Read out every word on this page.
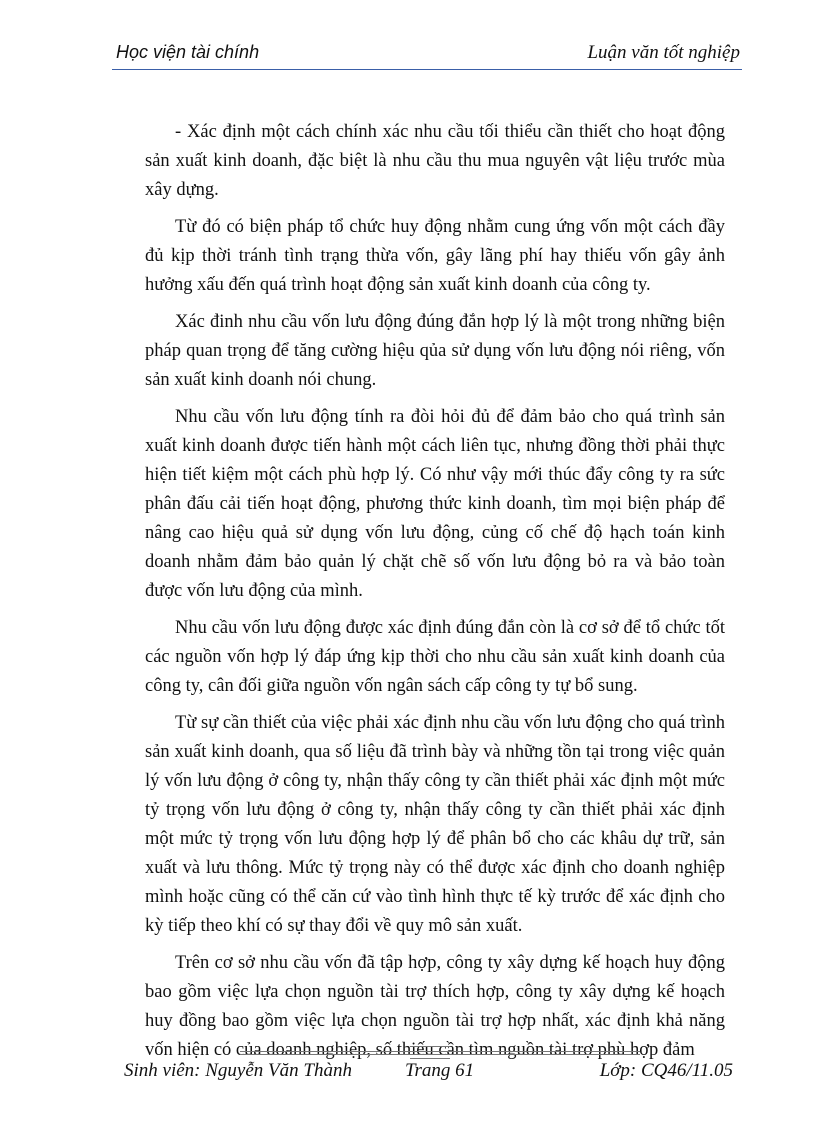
Học viện tài chính	Luận văn tốt nghiệp

- Xác định một cách chính xác nhu cầu tối thiểu cần thiết cho hoạt động sản xuất kinh doanh, đặc biệt là nhu cầu thu mua nguyên vật liệu trước mùa xây dựng.

Từ đó có biện pháp tổ chức huy động nhằm cung ứng vốn một cách đầy đủ kịp thời tránh tình trạng thừa vốn, gây lãng phí hay thiếu vốn gây ảnh hưởng xấu đến quá trình hoạt động sản xuất kinh doanh của công ty.

Xác đinh nhu cầu vốn lưu động đúng đắn hợp lý là một trong những biện pháp quan trọng để tăng cường hiệu qủa sử dụng vốn lưu động nói riêng, vốn sản xuất kinh doanh nói chung.

Nhu cầu vốn lưu động tính ra đòi hỏi đủ để đảm bảo cho quá trình sản xuất kinh doanh được tiến hành một cách liên tục, nhưng đồng thời phải thực hiện tiết kiệm một cách phù hợp lý. Có như vậy mới thúc đẩy công ty ra sức phân đấu cải tiến hoạt động, phương thức kinh doanh, tìm mọi biện pháp để nâng cao hiệu quả sử dụng vốn lưu động, củng cố chế độ hạch toán kinh doanh nhằm đảm bảo quản lý chặt chẽ số vốn lưu động bỏ ra và bảo toàn được vốn lưu động của mình.

Nhu cầu vốn lưu động được xác định đúng đắn còn là cơ sở để tổ chức tốt các nguồn vốn hợp lý đáp ứng kịp thời cho nhu cầu sản xuất kinh doanh của công ty, cân đối giữa nguồn vốn ngân sách cấp công ty tự bổ sung.

Từ sự cần thiết của việc phải xác định nhu cầu vốn lưu động cho quá trình sản xuất kinh doanh, qua số liệu đã trình bày và những tồn tại trong việc quản lý vốn lưu động ở công ty, nhận thấy công ty cần thiết phải xác định một mức tỷ trọng vốn lưu động ở công ty, nhận thấy công ty cần thiết phải xác định một mức tỷ trọng vốn lưu động hợp lý để phân bổ cho các khâu dự trữ, sản xuất và lưu thông. Mức tỷ trọng này có thể được xác định cho doanh nghiệp mình hoặc cũng có thể căn cứ vào tình hình thực tế kỳ trước để xác định cho kỳ tiếp theo khí có sự thay đổi về quy mô sản xuất.

Trên cơ sở nhu cầu vốn đã tập hợp, công ty xây dựng kế hoạch huy động bao gồm việc lựa chọn nguồn tài trợ thích hợp, công ty xây dựng kế hoạch huy đồng bao gồm việc lựa chọn nguồn tài trợ hợp nhất, xác định khả năng vốn hiện có của doanh nghiệp, số thiếu cần tìm nguồn tài trợ phù hợp đảm

Sinh viên: Nguyễn Văn Thành	Trang 61	Lớp: CQ46/11.05
